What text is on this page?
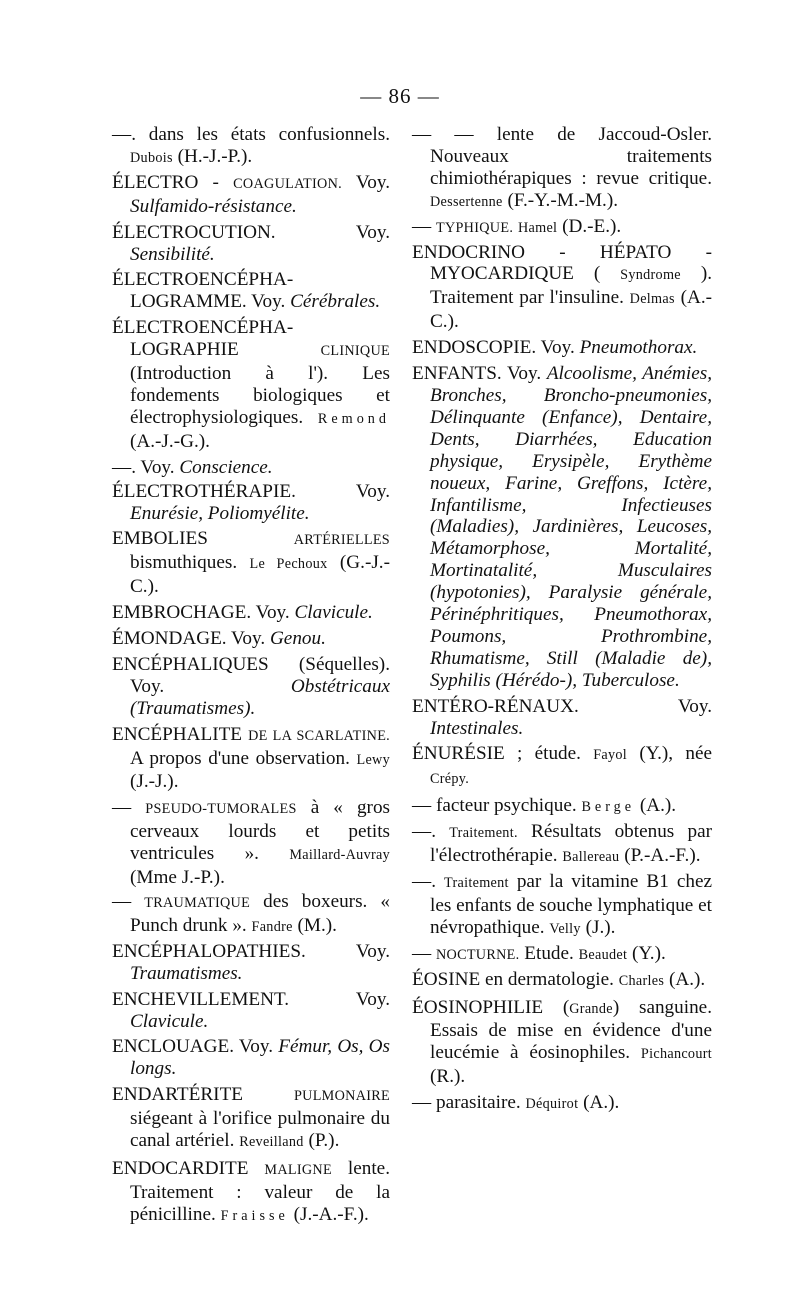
— 86 —

—. dans les états confusionnels. Dubois (H.-J.-P.).

ÉLECTRO - COAGULATION. Voy. Sulfamido-résistance.

ÉLECTROCUTION. Voy. Sensibilité.

ÉLECTROENCÉPHA-LOGRAMME. Voy. Cérébrales.

ÉLECTROENCÉPHA-LOGRAPHIE CLINIQUE (Introduction à l'). Les fondements biologiques et électrophysiologiques. Remond (A.-J.-G.).

—. Voy. Conscience.

ÉLECTROTHÉRAPIE. Voy. Enurésie, Poliomyélite.

EMBOLIES ARTÉRIELLES bismuthiques. Le Pechoux (G.-J.-C.).

EMBROCHAGE. Voy. Clavicule.

ÉMONDAGE. Voy. Genou.

ENCÉPHALIQUES (Séquelles). Voy. Obstétricaux (Traumatismes).

ENCÉPHALITE DE LA SCARLATINE. A propos d'une observation. Lewy (J.-J.).

— PSEUDO-TUMORALES à « gros cerveaux lourds et petits ventricules ». Maillard-Auvray (Mme J.-P.).

— TRAUMATIQUE des boxeurs. « Punch drunk ». Fandre (M.).

ENCÉPHALOPATHIES. Voy. Traumatismes.

ENCHEVILLEMENT. Voy. Clavicule.

ENCLOUAGE. Voy. Fémur, Os, Os longs.

ENDARTÉRITE PULMONAIRE siégeant à l'orifice pulmonaire du canal artériel. Reveilland (P.).

ENDOCARDITE MALIGNE lente. Traitement : valeur de la pénicilline. Fraisse (J.-A.-F.).

— — lente de Jaccoud-Osler. Nouveaux traitements chimiothérapiques : revue critique. Dessertenne (F.-Y.-M.-M.).

— TYPHIQUE. Hamel (D.-E.).

ENDOCRINO - HÉPATO - MYOCARDIQUE ( Syndrome ). Traitement par l'insuline. Delmas (A.-C.).

ENDOSCOPIE. Voy. Pneumothorax.

ENFANTS. Voy. Alcoolisme, Anémies, Bronches, Broncho-pneumonies, Délinquante (Enfance), Dentaire, Dents, Diarrhées, Education physique, Erysipèle, Erythème noueux, Farine, Greffons, Ictère, Infantilisme, Infectieuses (Maladies), Jardinières, Leucoses, Métamorphose, Mortalité, Mortinatalité, Musculaires (hypotonies), Paralysie générale, Périnéphritiques, Pneumothorax, Poumons, Prothrombine, Rhumatisme, Still (Maladie de), Syphilis (Hérédo-), Tuberculose.

ENTÉRO-RÉNAUX. Voy. Intestinales.

ÉNURÉSIE ; étude. Fayol (Y.), née Crépy.

— facteur psychique. Berge (A.).

—. Traitement. Résultats obtenus par l'électrothérapie. Ballereau (P.-A.-F.).

—. Traitement par la vitamine B1 chez les enfants de souche lymphatique et névropathique. Velly (J.).

— NOCTURNE. Etude. Beaudet (Y.).

ÉOSINE en dermatologie. Charles (A.).

ÉOSINOPHILIE (Grande) sanguine. Essais de mise en évidence d'une leucémie à éosinophiles. Pichancourt (R.).

— parasitaire. Déquirot (A.).
